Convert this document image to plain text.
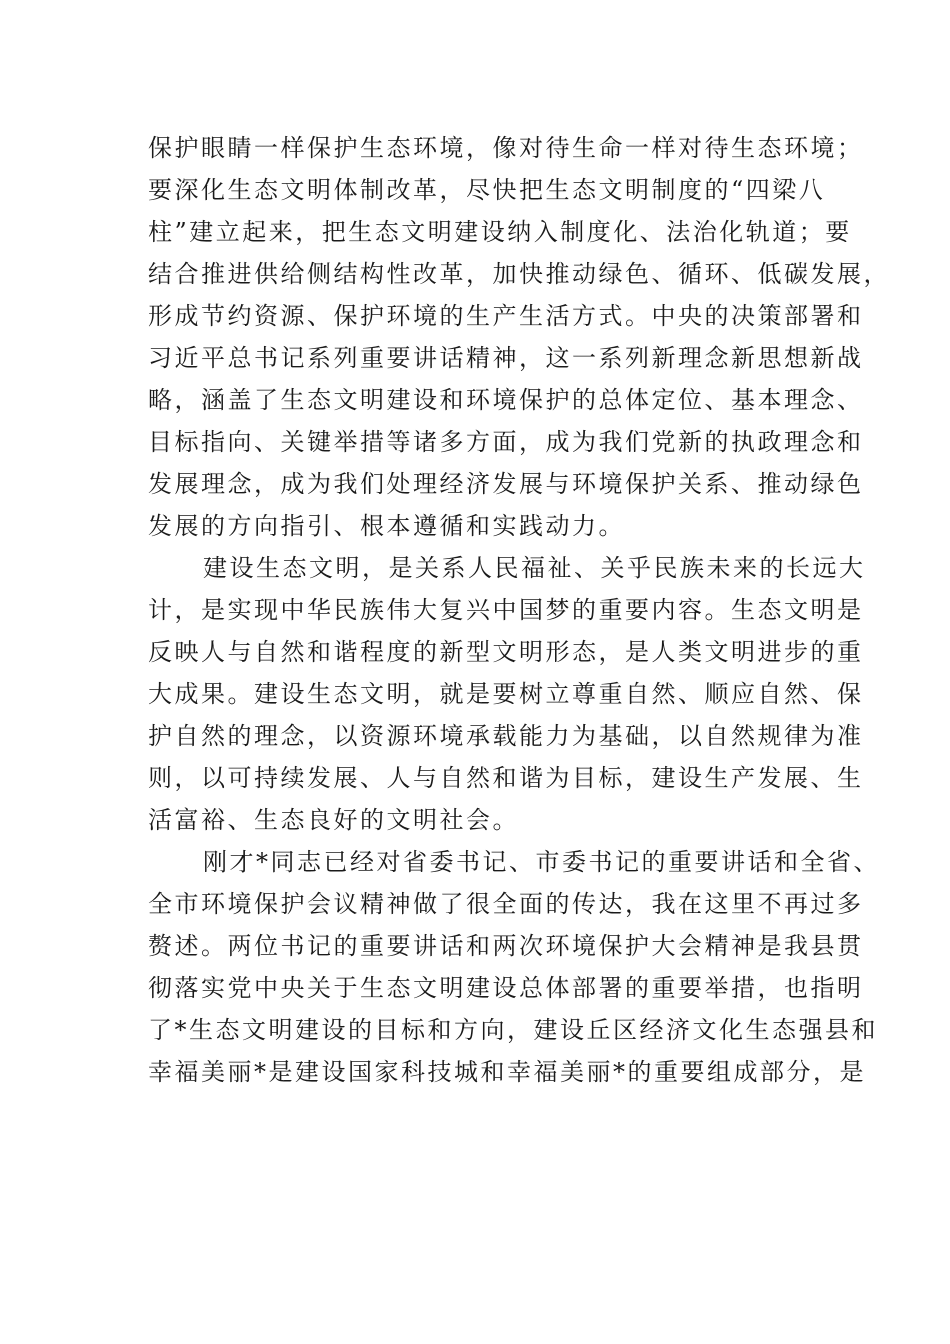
保护眼睛一样保护生态环境，像对待生命一样对待生态环境；
要深化生态文明体制改革，尽快把生态文明制度的“四梁八
柱”建立起来，把生态文明建设纳入制度化、法治化轨道；要
结合推进供给侧结构性改革，加快推动绿色、循环、低碳发展，
形成节约资源、保护环境的生产生活方式。中央的决策部署和
习近平总书记系列重要讲话精神，这一系列新理念新思想新战
略，涵盖了生态文明建设和环境保护的总体定位、基本理念、
目标指向、关键举措等诸多方面，成为我们党新的执政理念和
发展理念，成为我们处理经济发展与环境保护关系、推动绿色
发展的方向指引、根本遵循和实践动力。
建设生态文明，是关系人民福祉、关乎民族未来的长远大
计，是实现中华民族伟大复兴中国梦的重要内容。生态文明是
反映人与自然和谐程度的新型文明形态，是人类文明进步的重
大成果。建设生态文明，就是要树立尊重自然、顺应自然、保
护自然的理念，以资源环境承载能力为基础，以自然规律为准
则，以可持续发展、人与自然和谐为目标，建设生产发展、生
活富裕、生态良好的文明社会。
刚才*同志已经对省委书记、市委书记的重要讲话和全省、
全市环境保护会议精神做了很全面的传达，我在这里不再过多
赘述。两位书记的重要讲话和两次环境保护大会精神是我县贯
彻落实党中央关于生态文明建设总体部署的重要举措，也指明
了*生态文明建设的目标和方向，建设丘区经济文化生态强县和
幸福美丽*是建设国家科技城和幸福美丽*的重要组成部分，是
